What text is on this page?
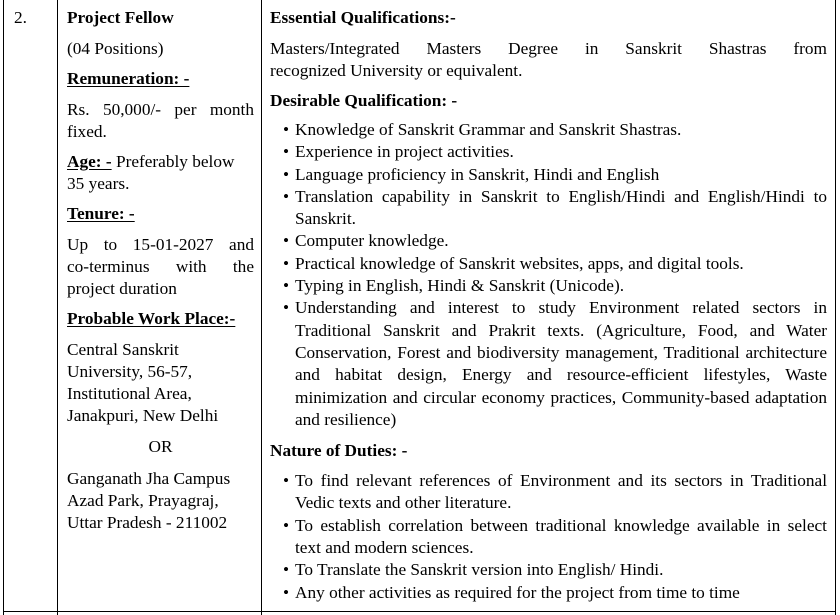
2.	Project Fellow

(04 Positions)

Remuneration: -

Rs. 50,000/- per month

fixed.

Age: - Preferably below

35 years.

Tenure: -

Up to 15-01-2027 and

co-terminus with the

project duration

Probable Work Place:-

Central Sanskrit

University, 56-57,

Institutional Area,

Janakpuri, New Delhi

OR

Ganganath Jha Campus

Azad Park, Prayagraj,

Uttar Pradesh - 211002

Essential Qualifications:-

Masters/Integrated Masters Degree in Sanskrit Shastras from

recognized University or equivalent.

Desirable Qualification: -

• Knowledge of Sanskrit Grammar and Sanskrit Shastras.
• Experience in project activities.
• Language proficiency in Sanskrit, Hindi and English
• Translation capability in Sanskrit to English/Hindi and English/Hindi to Sanskrit.
• Computer knowledge.
• Practical knowledge of Sanskrit websites, apps, and digital tools.
• Typing in English, Hindi & Sanskrit (Unicode).
• Understanding and interest to study Environment related sectors in Traditional Sanskrit and Prakrit texts. (Agriculture, Food, and Water Conservation, Forest and biodiversity management, Traditional architecture and habitat design, Energy and resource-efficient lifestyles, Waste minimization and circular economy practices, Community-based adaptation and resilience)

Nature of Duties: -

• To find relevant references of Environment and its sectors in Traditional Vedic texts and other literature.
• To establish correlation between traditional knowledge available in select text and modern sciences.
• To Translate the Sanskrit version into English/ Hindi.
• Any other activities as required for the project from time to time
